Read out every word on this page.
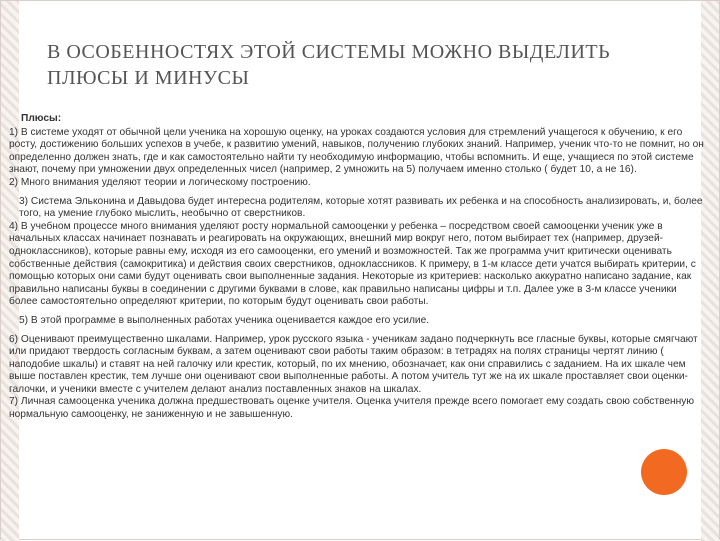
В ОСОБЕННОСТЯХ ЭТОЙ СИСТЕМЫ МОЖНО ВЫДЕЛИТЬ
ПЛЮСЫ И МИНУСЫ

Плюсы:

1) В системе уходят от обычной цели ученика на хорошую оценку, на уроках создаются условия для стремлений учащегося к обучению, к его росту, достижению больших успехов в учебе, к развитию умений, навыков, получению глубоких знаний. Например, ученик что-то не помнит, но он определенно должен знать, где и как самостоятельно найти ту необходимую информацию, чтобы вспомнить. И еще, учащиеся по этой системе знают, почему при умножении двух определенных чисел (например, 2 умножить на 5) получаем именно столько ( будет 10, а не 16).

2) Много внимания уделяют теории и логическому построению.

3) Система Эльконина и Давыдова будет интересна родителям, которые хотят развивать их ребенка и на способность анализировать, и, более того, на умение глубоко мыслить, необычно от сверстников.

4) В учебном процессе много внимания уделяют росту нормальной самооценки у ребенка – посредством своей самооценки ученик уже в начальных классах начинает познавать и реагировать на окружающих, внешний мир вокруг него, потом выбирает тех (например, друзей-одноклассников), которые равны ему, исходя из его самооценки, его умений и возможностей. Так же программа учит критически оценивать собственные действия (самокритика) и действия своих сверстников, одноклассников. К примеру, в 1-м классе дети учатся выбирать критерии, с помощью которых они сами будут оценивать свои выполненные задания. Некоторые из критериев: насколько аккуратно написано задание, как правильно написаны буквы в соединении с другими буквами в слове, как правильно написаны цифры и т.п. Далее уже в 3-м классе ученики более самостоятельно определяют критерии, по которым будут оценивать свои работы.

5) В этой программе в выполненных работах ученика оценивается каждое его усилие.

6) Оценивают преимущественно шкалами. Например, урок русского языка - ученикам задано подчеркнуть все гласные буквы, которые смягчают или придают твердость согласным буквам, а затем оценивают свои работы таким образом: в тетрадях на полях страницы чертят линию ( наподобие шкалы) и ставят на ней галочку или крестик, который, по их мнению, обозначает, как они справились с заданием. На их шкале чем выше поставлен крестик, тем лучше они оценивают свои выполненные работы. А потом учитель тут же на их шкале проставляет свои оценки-галочки, и ученики вместе с учителем делают анализ поставленных знаков на шкалах.

7) Личная самооценка ученика должна предшествовать оценке учителя. Оценка учителя прежде всего помогает ему создать свою собственную нормальную самооценку, не заниженную и не завышенную.
